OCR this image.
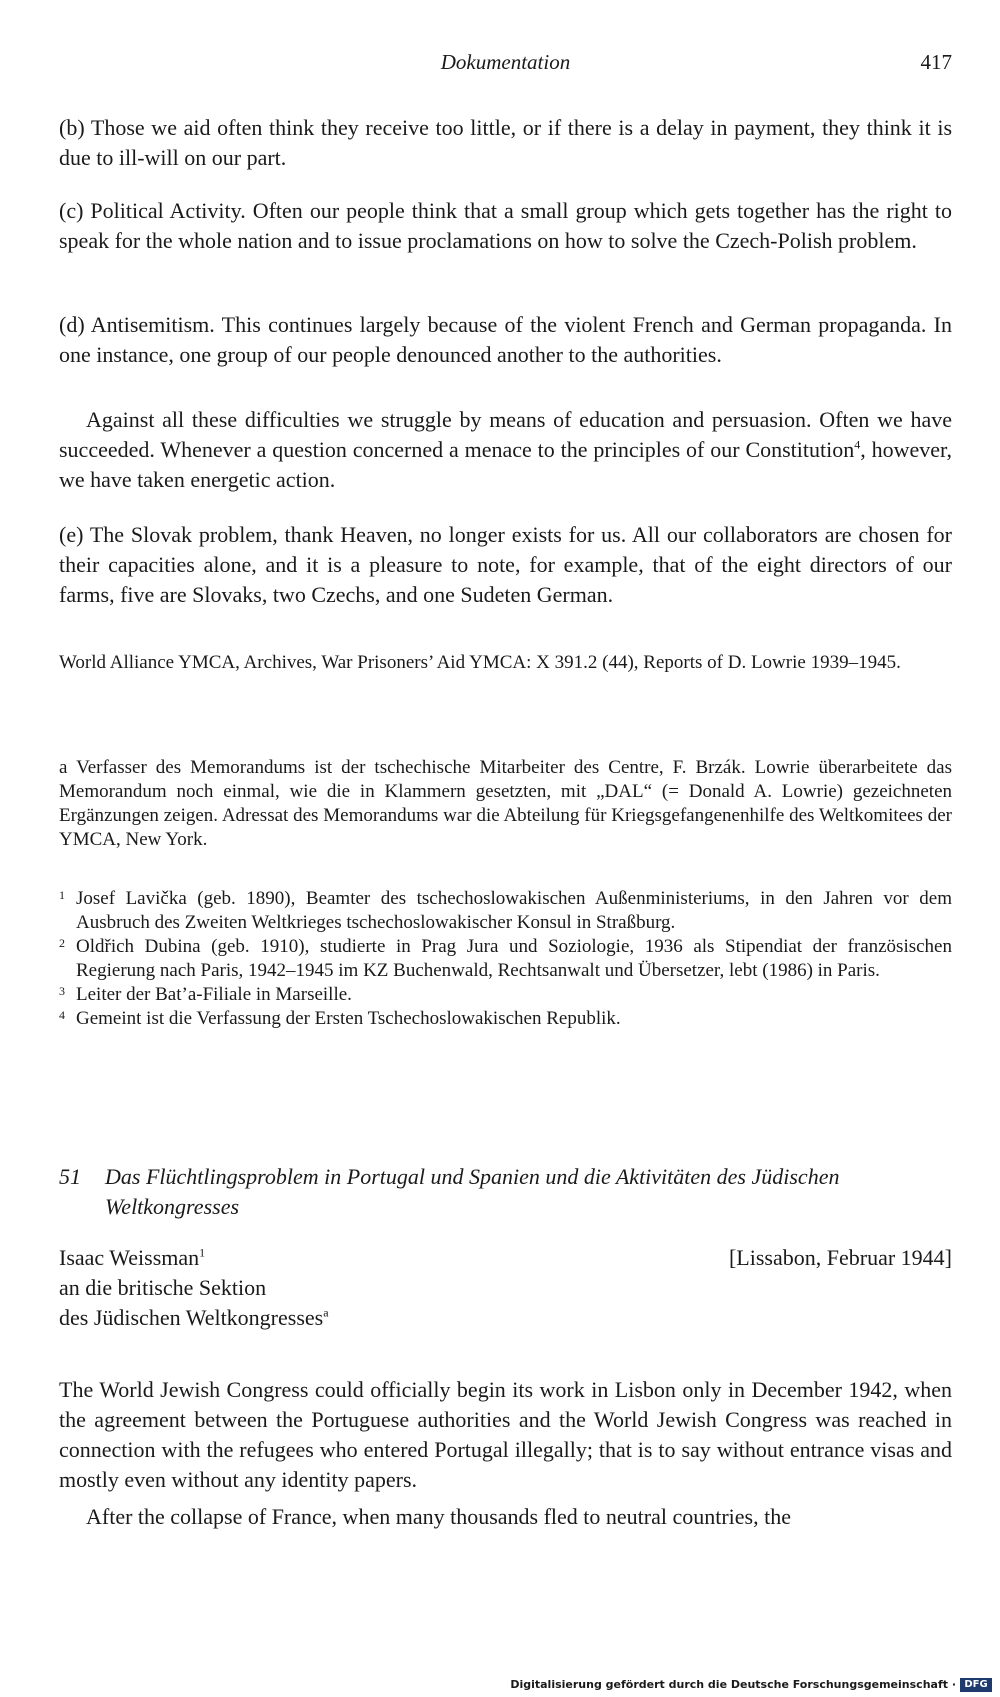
Dokumentation	417

(b) Those we aid often think they receive too little, or if there is a delay in payment, they think it is due to ill-will on our part.

(c) Political Activity. Often our people think that a small group which gets together has the right to speak for the whole nation and to issue proclamations on how to solve the Czech-Polish problem.

(d) Antisemitism. This continues largely because of the violent French and German propaganda. In one instance, one group of our people denounced another to the authorities.

Against all these difficulties we struggle by means of education and persuasion. Often we have succeeded. Whenever a question concerned a menace to the principles of our Constitution$^4$, however, we have taken energetic action.

(e) The Slovak problem, thank Heaven, no longer exists for us. All our collaborators are chosen for their capacities alone, and it is a pleasure to note, for example, that of the eight directors of our farms, five are Slovaks, two Czechs, and one Sudeten German.

World Alliance YMCA, Archives, War Prisoners’ Aid YMCA: X 391.2 (44), Reports of D. Lowrie 1939–1945.

a Verfasser des Memorandums ist der tschechische Mitarbeiter des Centre, F. Brzák. Lowrie überarbeitete das Memorandum noch einmal, wie die in Klammern gesetzten, mit „DAL“ (= Donald A. Lowrie) gezeichneten Ergänzungen zeigen. Adressat des Memorandums war die Abteilung für Kriegsgefangenenhilfe des Weltkomitees der YMCA, New York.

1 Josef Lavička (geb. 1890), Beamter des tschechoslowakischen Außenministeriums, in den Jahren vor dem Ausbruch des Zweiten Weltkrieges tschechoslowakischer Konsul in Straßburg.
2 Oldřich Dubina (geb. 1910), studierte in Prag Jura und Soziologie, 1936 als Stipendiat der französischen Regierung nach Paris, 1942–1945 im KZ Buchenwald, Rechtsanwalt und Übersetzer, lebt (1986) in Paris.
3 Leiter der Bat’a-Filiale in Marseille.
4 Gemeint ist die Verfassung der Ersten Tschechoslowakischen Republik.
51	Das Flüchtlingsproblem in Portugal und Spanien und die Aktivitäten des Jüdischen Weltkongresses
Isaac Weissman$^1$
an die britische Sektion
des Jüdischen Weltkongresses$^a$
[Lissabon, Februar 1944]

The World Jewish Congress could officially begin its work in Lisbon only in December 1942, when the agreement between the Portuguese authorities and the World Jewish Congress was reached in connection with the refugees who entered Portugal illegally; that is to say without entrance visas and mostly even without any identity papers.

After the collapse of France, when many thousands fled to neutral countries, the

Digitalisierung gefördert durch die Deutsche Forschungsgemeinschaft · DFG
